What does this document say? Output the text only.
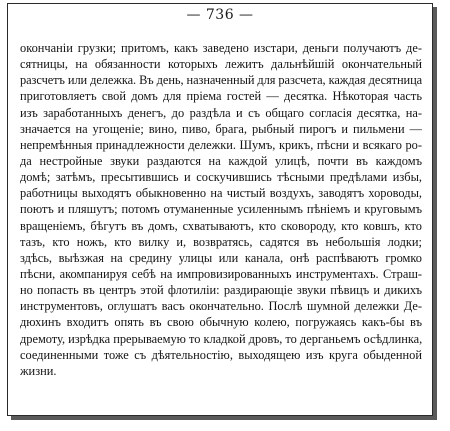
— 736 —
окончаніи грузки; притомъ, какъ заведено изстари, деньги получаютъ де-
сятницы, на обязанности которыхъ лежитъ дальнѣйшій окончательный
разсчетъ или дележка. Въ день, назначенный для разсчета, каждая десятница
приготовляетъ свой домъ для пріема гостей — десятка. Нѣкоторая часть
изъ заработанныхъ денегъ, до раздѣла и съ общаго согласія десятка, на-
значается на угощеніе; вино, пиво, брага, рыбный пирогъ и пильмени —
непремѣнныя принадлежности дележки. Шумъ, крикъ, пѣсни и всякаго ро-
да нестройные звуки раздаются на каждой улицѣ, почти въ каждомъ
домѣ; затѣмъ, пресытившись и соскучившись тѣсными предѣлами избы,
работницы выходятъ обыкновенно на чистый воздухъ, заводятъ хороводы,
поютъ и пляшутъ; потомъ отуманенные усиленнымъ пѣніемъ и круговымъ
вращеніемъ, бѣгутъ въ домъ, схватываютъ, кто сковороду, кто ковшъ, кто
тазъ, кто ножъ, кто вилку и, возвратясь, садятся въ небольшія лодки;
здѣсь, выѣзжая на средину улицы или канала, онѣ распѣваютъ громко
пѣсни, акомпанируя себѣ на импровизированныхъ инструментахъ. Страш-
но попасть въ центръ этой флотиліи: раздирающіе звуки пѣвицъ и дикихъ
инструментовъ, оглушатъ васъ окончательно. Послѣ шумной дележки Де-
дюхинъ входитъ опять въ свою обычную колею, погружаясь какъ-бы въ
дремоту, изрѣдка прерываемую то кладкой дровъ, то дерганьемъ осѣдлинка,
соединенными тоже съ дѣятельностію, выходящею изъ круга обыденной
жизни.
